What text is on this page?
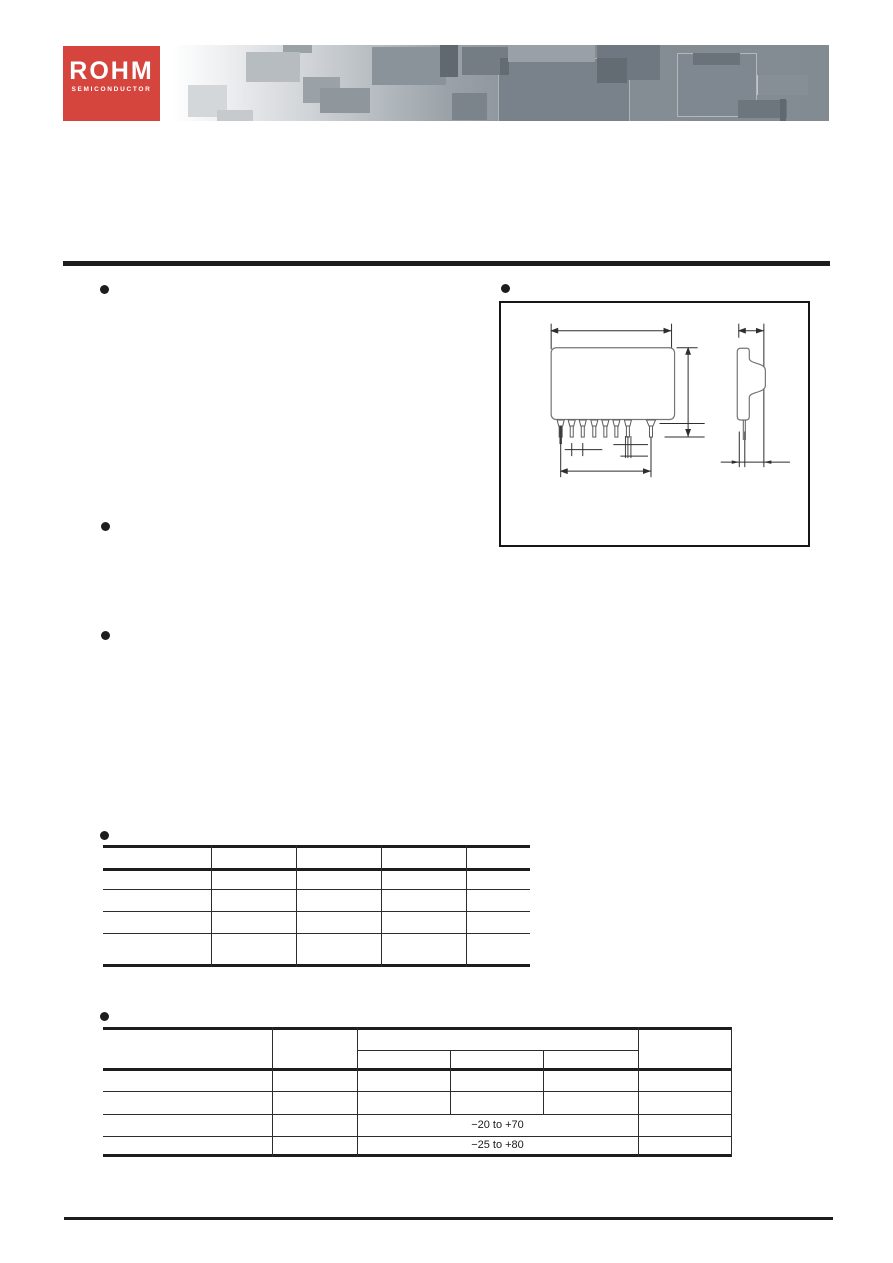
ROHM
SEMICONDUCTOR
−20 to +70
−25 to +80
